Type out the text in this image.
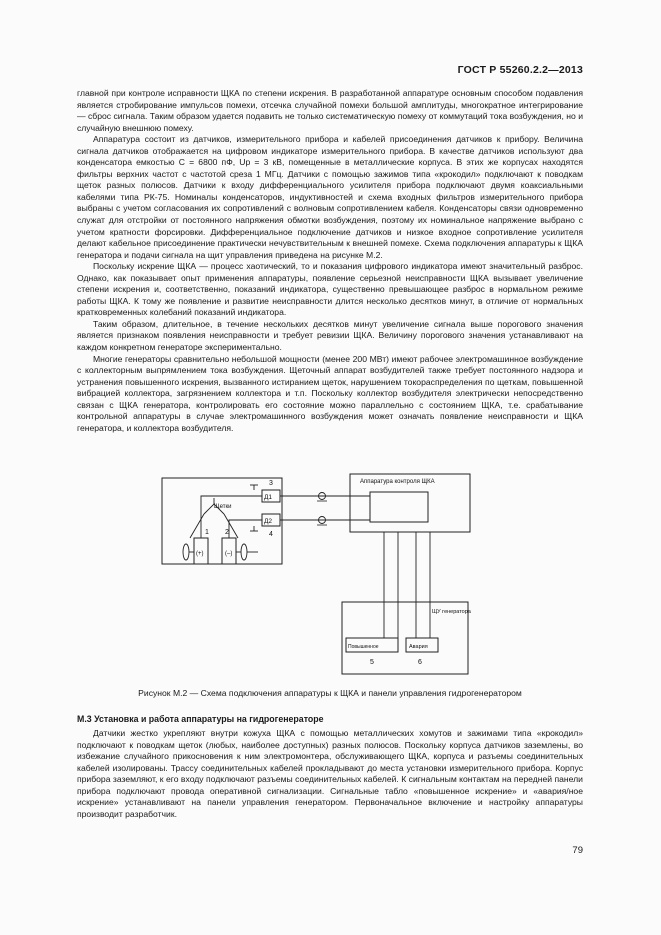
ГОСТ Р 55260.2.2—2013

главной при контроле исправности ЩКА по степени искрения. В разработанной аппаратуре основным способом подавления является стробирование импульсов помехи, отсечка случайной помехи большой амплитуды, многократное интегрирование — сброс сигнала. Таким образом удается подавить не только систематическую помеху от коммутаций тока возбуждения, но и случайную внешнюю помеху.

Аппаратура состоит из датчиков, измерительного прибора и кабелей присоединения датчиков к прибору. Величина сигнала датчиков отображается на цифровом индикаторе измерительного прибора. В качестве датчиков используют два конденсатора емкостью С = 6800 пФ, Uр = 3 кВ, помещенные в металлические корпуса. В этих же корпусах находятся фильтры верхних частот с частотой среза 1 МГц. Датчики с помощью зажимов типа «крокодил» подключают к поводкам щеток разных полюсов. Датчики к входу дифференциального усилителя прибора подключают двумя коаксиальными кабелями типа РК-75. Номиналы конденсаторов, индуктивностей и схема входных фильтров измерительного прибора выбраны с учетом согласования их сопротивлений с волновым сопротивлением кабеля. Конденсаторы связи одновременно служат для отстройки от постоянного напряжения обмотки возбуждения, поэтому их номинальное напряжение выбрано с учетом кратности форсировки. Дифференциальное подключение датчиков и низкое входное сопротивление усилителя делают кабельное присоединение практически нечувствительным к внешней помехе. Схема подключения аппаратуры к ЩКА генератора и подачи сигнала на щит управления приведена на рисунке М.2.

Поскольку искрение ЩКА — процесс хаотический, то и показания цифрового индикатора имеют значительный разброс. Однако, как показывает опыт применения аппаратуры, появление серьезной неисправности ЩКА вызывает увеличение степени искрения и, соответственно, показаний индикатора, существенно превышающее разброс в нормальном режиме работы ЩКА. К тому же появление и развитие неисправности длится несколько десятков минут, в отличие от нормальных кратковременных колебаний показаний индикатора.

Таким образом, длительное, в течение нескольких десятков минут увеличение сигнала выше порогового значения является признаком появления неисправности и требует ревизии ЩКА. Величину порогового значения устанавливают на каждом конкретном генераторе экспериментально.

Многие генераторы сравнительно небольшой мощности (менее 200 МВт) имеют рабочее электромашинное возбуждение с коллекторным выпрямлением тока возбуждения. Щеточный аппарат возбудителей также требует постоянного надзора и устранения повышенного искрения, вызванного истиранием щеток, нарушением токораспределения по щеткам, повышенной вибрацией коллектора, загрязнением коллектора и т.п. Поскольку коллектор возбудителя электрически непосредственно связан с ЩКА генератора, контролировать его состояние можно параллельно с состоянием ЩКА, т.е. срабатывание контрольной аппаратуры в случае электромашинного возбуждения может означать появление неисправности и ЩКА генератора, и коллектора возбудителя.

Щетки
1 2
(+)	(–)
Д1
Д2
3
4
Аппаратура контроля ЩКА
ЩУ генератора
Повышенное	Авария
5	6
Рисунок М.2 — Схема подключения аппаратуры к ЩКА и панели управления гидрогенератором
М.3 Установка и работа аппаратуры на гидрогенераторе

Датчики жестко укрепляют внутри кожуха ЩКА с помощью металлических хомутов и зажимами типа «крокодил» подключают к поводкам щеток (любых, наиболее доступных) разных полюсов. Поскольку корпуса датчиков заземлены, во избежание случайного прикосновения к ним электромонтера, обслуживающего ЩКА, корпуса и разъемы соединительных кабелей изолированы. Трассу соединительных кабелей прокладывают до места установки измерительного прибора. Корпус прибора заземляют, к его входу подключают разъемы соединительных кабелей. К сигнальным контактам на передней панели прибора подключают провода оперативной сигнализации. Сигнальные табло «повышенное искрение» и «авария/ное искрение» устанавливают на панели управления генератором. Первоначальное включение и настройку аппаратуры производит разработчик.

79
